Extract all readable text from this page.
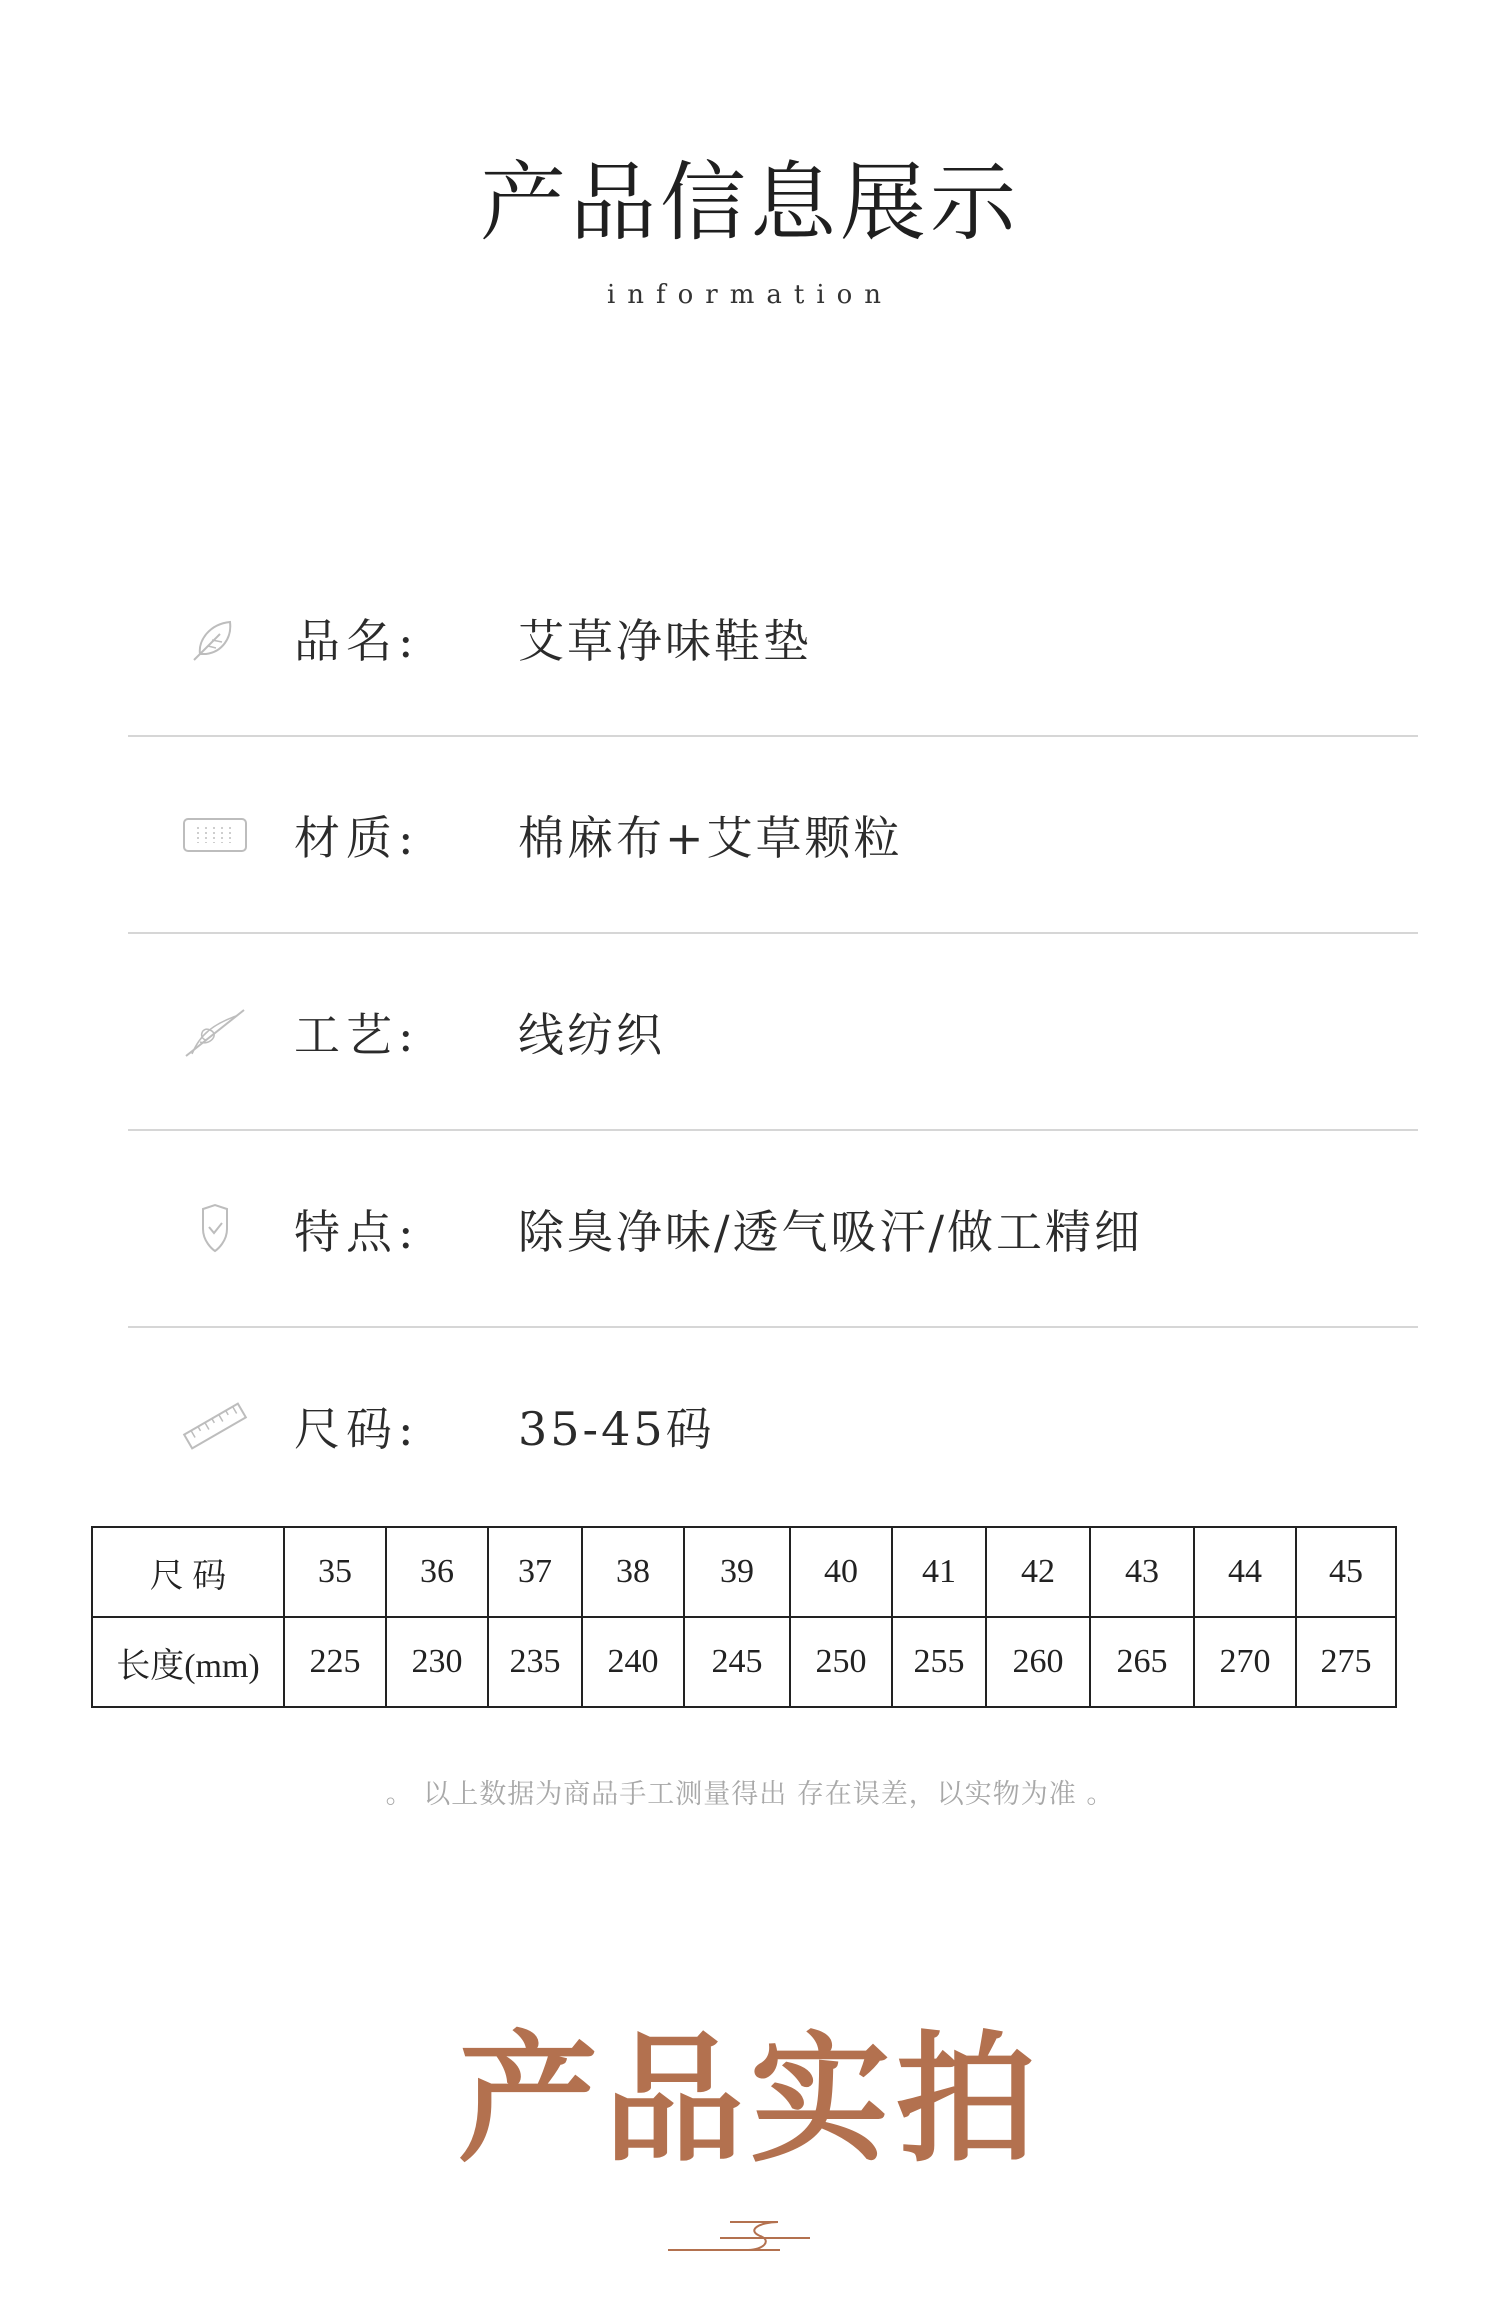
产品信息展示
information
品名: 艾草净味鞋垫
材质: 棉麻布+艾草颗粒
工艺: 线纺织
特点: 除臭净味/透气吸汗/做工精细
尺码: 35-45码
尺 码	35	36	37	38	39	40	41	42	43	44	45
长度(mm)	225	230	235	240	245	250	255	260	265	270	275
。 以上数据为商品手工测量得出 存在误差，以实物为准 。
产品实拍
